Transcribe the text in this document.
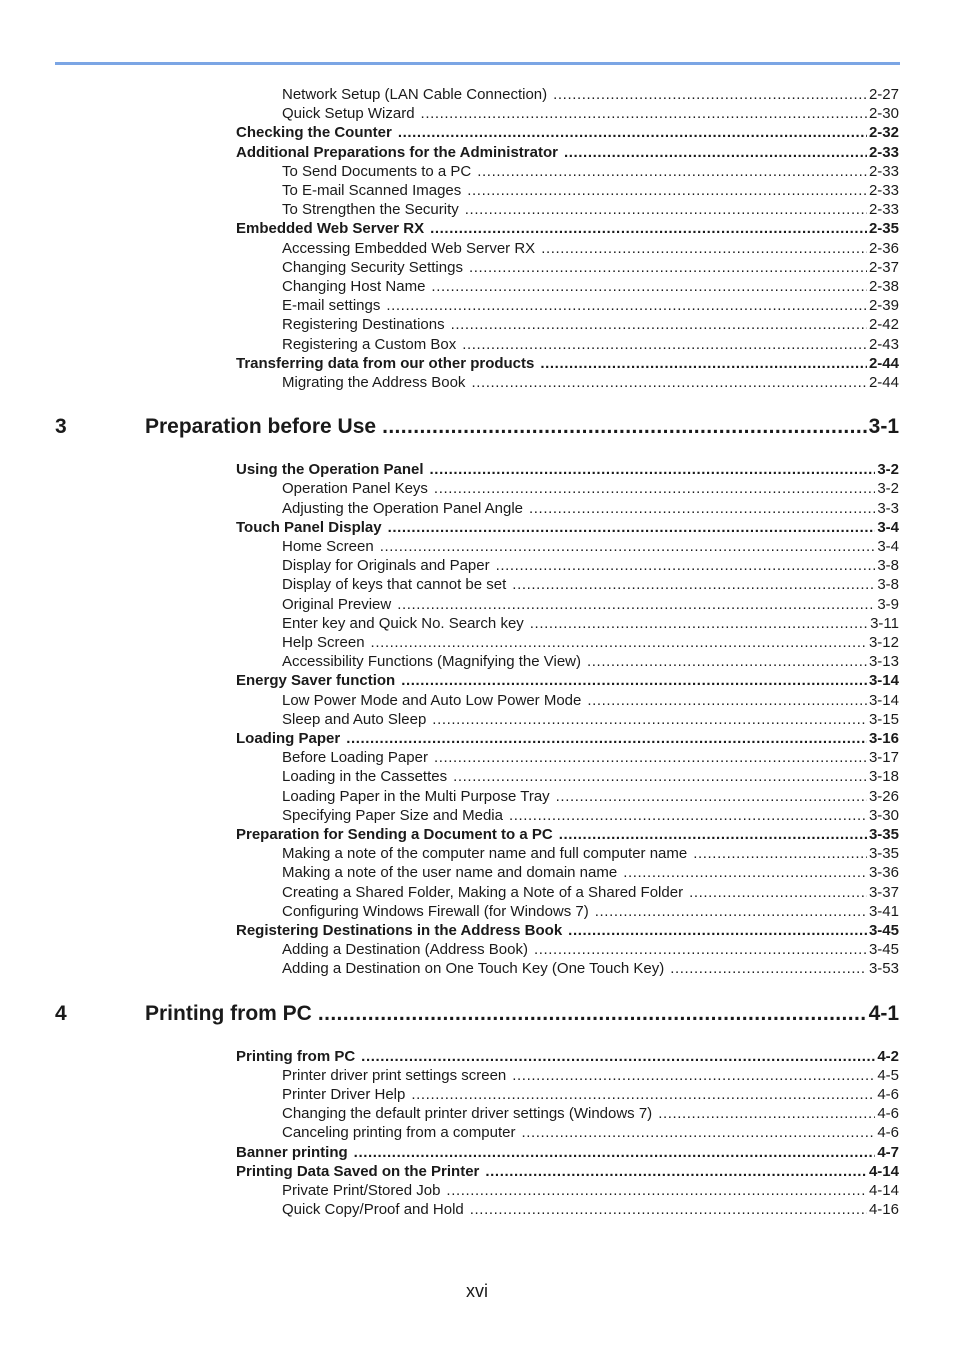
Network Setup (LAN Cable Connection) .....	2-27
Quick Setup Wizard .....	2-30
Checking the Counter .....	2-32
Additional Preparations for the Administrator .....	2-33
To Send Documents to a PC .....	2-33
To E-mail Scanned Images .....	2-33
To Strengthen the Security .....	2-33
Embedded Web Server RX .....	2-35
Accessing Embedded Web Server RX .....	2-36
Changing Security Settings .....	2-37
Changing Host Name .....	2-38
E-mail settings .....	2-39
Registering Destinations .....	2-42
Registering a Custom Box .....	2-43
Transferring data from our other products .....	2-44
Migrating the Address Book .....	2-44
3	Preparation before Use .....	3-1
Using the Operation Panel .....	3-2
Operation Panel Keys .....	3-2
Adjusting the Operation Panel Angle .....	3-3
Touch Panel Display .....	3-4
Home Screen .....	3-4
Display for Originals and Paper .....	3-8
Display of keys that cannot be set .....	3-8
Original Preview .....	3-9
Enter key and Quick No. Search key .....	3-11
Help Screen .....	3-12
Accessibility Functions (Magnifying the View) .....	3-13
Energy Saver function .....	3-14
Low Power Mode and Auto Low Power Mode .....	3-14
Sleep and Auto Sleep .....	3-15
Loading Paper .....	3-16
Before Loading Paper .....	3-17
Loading in the Cassettes .....	3-18
Loading Paper in the Multi Purpose Tray .....	3-26
Specifying Paper Size and Media .....	3-30
Preparation for Sending a Document to a PC .....	3-35
Making a note of the computer name and full computer name .....	3-35
Making a note of the user name and domain name .....	3-36
Creating a Shared Folder, Making a Note of a Shared Folder .....	3-37
Configuring Windows Firewall (for Windows 7) .....	3-41
Registering Destinations in the Address Book .....	3-45
Adding a Destination (Address Book) .....	3-45
Adding a Destination on One Touch Key (One Touch Key) .....	3-53
4	Printing from PC .....	4-1
Printing from PC .....	4-2
Printer driver print settings screen .....	4-5
Printer Driver Help .....	4-6
Changing the default printer driver settings (Windows 7) .....	4-6
Canceling printing from a computer .....	4-6
Banner printing .....	4-7
Printing Data Saved on the Printer .....	4-14
Private Print/Stored Job .....	4-14
Quick Copy/Proof and Hold .....	4-16
xvi
